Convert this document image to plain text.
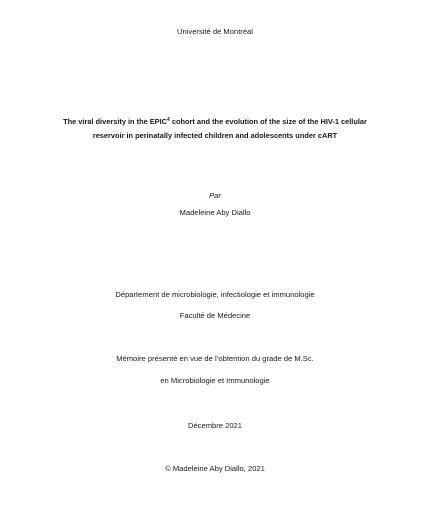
Université de Montréal
The viral diversity in the EPIC$^4$ cohort and the evolution of the size of the HIV-1 cellular
reservoir in perinatally infected children and adolescents under cART
Par
Madeleine Aby Diallo
Département de microbiologie, infectiologie et immunologie
Faculté de Médecine
Mémoire présenté en vue de l’obtention du grade de M.Sc.
en Microbiologie et Immunologie
Décembre 2021
© Madeleine Aby Diallo, 2021
